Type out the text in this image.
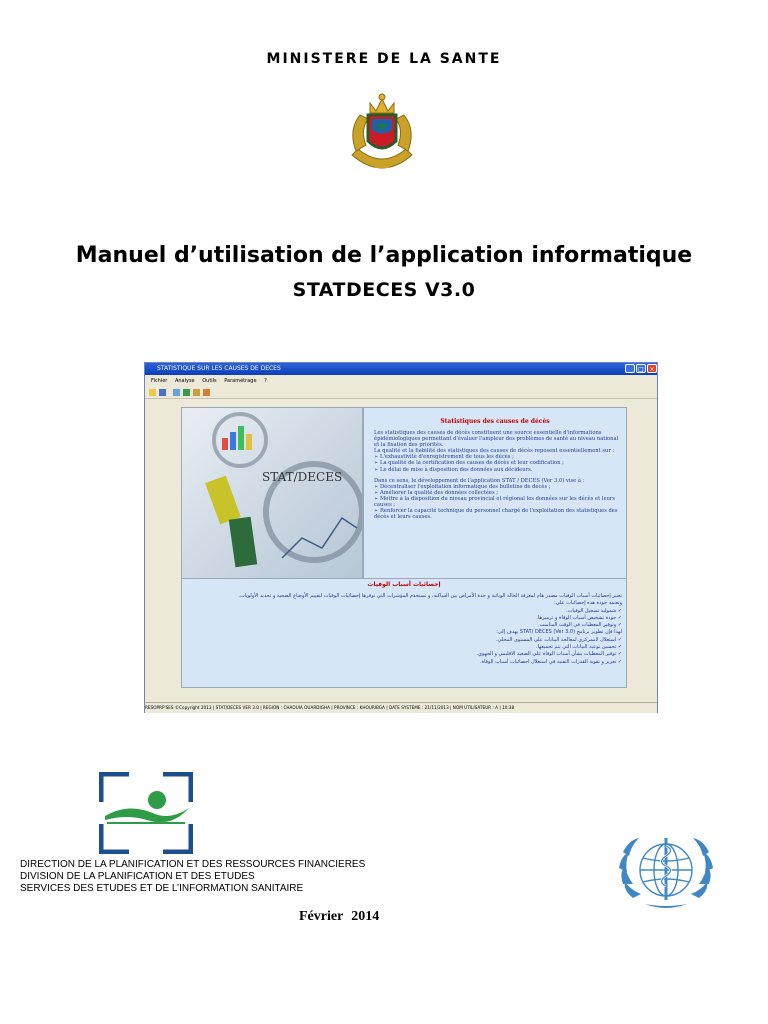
MINISTERE DE LA SANTE
Manuel d’utilisation de l’application informatique
STATDECES V3.0
STATISTIQUE SUR LES CAUSES DE DECES	_	□ ×
Fichier Analyse Outils Paramétrage ?
STAT/DECES
Statistiques des causes de décès
Les statistiques des causes de décès constituent une source essentielle d'informations épidémiologiques permettant d'évaluer l'ampleur des problèmes de santé au niveau national et la fixation des priorités.
La qualité et la fiabilité des statistiques des causes de décès reposent essentiellement sur :
➢ L'exhaustivité d'enregistrement de tous les décès ;
➢ La qualité de la certification des causes de décès et leur codification ;
➢ Le délai de mise à disposition des données aux décideurs.
Dans ce sens, le développement de l'application STAT / DECES (Ver 3.0) vise à :
➢ Décentraliser l'exploitation informatique des bulletins de décès ;
➢ Améliorer la qualité des données collectées ;
➢ Mettre à la disposition du niveau provincial et régional les données sur les décès et leurs causes ;
➢ Renforcer la capacité technique du personnel chargé de l'exploitation des statistiques des décès et leurs causes.
إحصائيات أسباب الوفيات
تعتبر إحصائيات أسباب الوفيات مصدر هام لمعرفة الحالة الوبائية و حدة الأمراض بين الساكنة، و تستخدم المؤشرات التي توفرها إحصائيات الوفيات لتقييم الأوضاع الصحية و تحديد الأولويات.
وتعتمد جودة هذه إحصائيات على:
✓ شمولية تسجيل الوفيات.
✓ جودة تشخيص أسباب الوفاة و ترميزها.
✓ وتوفير المعطيات في الوقت المناسب.
لهذا فإن تطوير برنامج (Ver 3.0) STAT/ DECES يهدف إلى:
✓ استغلال لاممركزي لمعالجة البيانات على المستوى المحلي.
✓ تحسين نوعية البيانات التي يتم تجميعها.
✓ توفير المعطيات بشأن أسباب الوفاة على الصعيد الاقليمي و الجهوي.
✓ تعزيز و تقوية القدرات التقنية في استغلال احصائيات أسباب الوفاة.
RESOPRP'SES ©Copyright 2013 | STAT/DECES VER 3.0 | REGION : CHAOUIA OUARDIGHA | PROVINCE : KHOURIBGA | DATE SYSTEME : 21/11/2013 | NOM UTILISATEUR : A | 10:38
DIRECTION DE LA PLANIFICATION ET DES RESSOURCES FINANCIERES
DIVISION DE LA PLANIFICATION ET DES ETUDES
SERVICES DES ETUDES ET DE L’INFORMATION SANITAIRE
Février 2014
